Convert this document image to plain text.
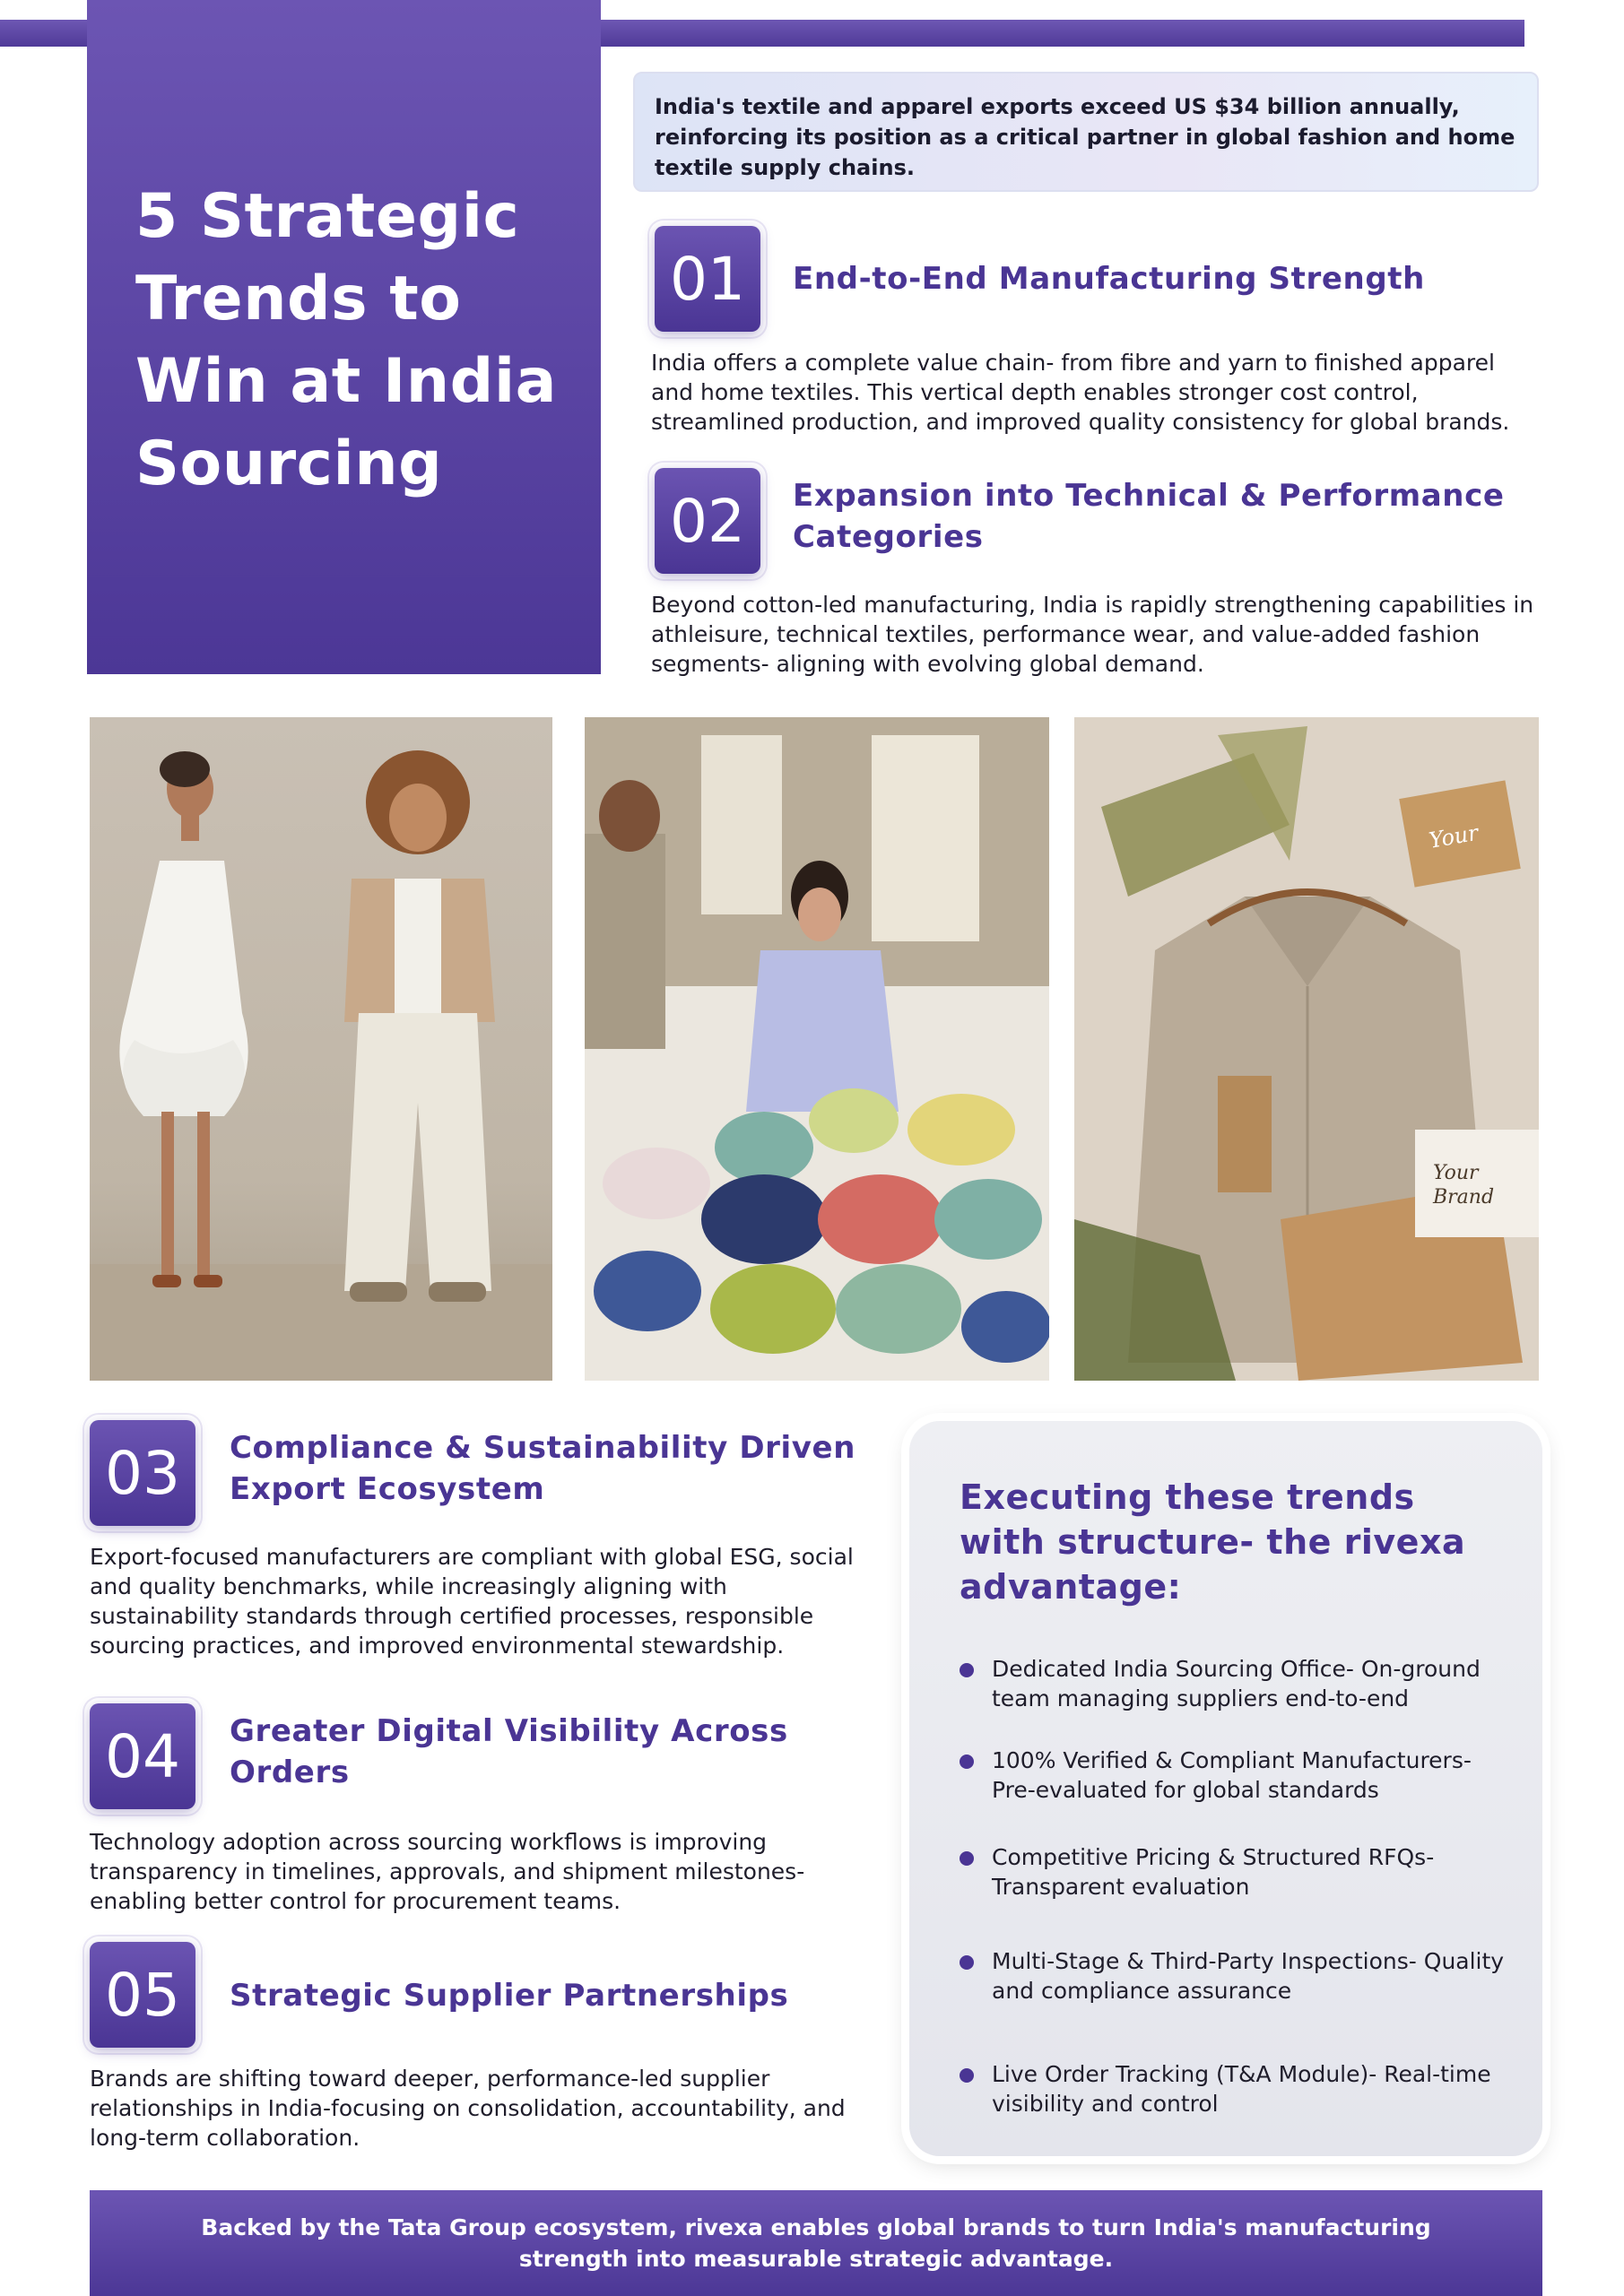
5 Strategic Trends to Win at India Sourcing
India's textile and apparel exports exceed US $34 billion annually, reinforcing its position as a critical partner in global fashion and home textile supply chains.
01	End-to-End Manufacturing Strength

India offers a complete value chain- from fibre and yarn to finished apparel and home textiles. This vertical depth enables stronger cost control, streamlined production, and improved quality consistency for global brands.

02	Expansion into Technical & Performance Categories

Beyond cotton-led manufacturing, India is rapidly strengthening capabilities in athleisure, technical textiles, performance wear, and value-added fashion segments- aligning with evolving global demand.

Your
Your
Brand
03	Compliance & Sustainability Driven Export Ecosystem

Export-focused manufacturers are compliant with global ESG, social and quality benchmarks, while increasingly aligning with sustainability standards through certified processes, responsible sourcing practices, and improved environmental stewardship.

04	Greater Digital Visibility Across Orders

Technology adoption across sourcing workflows is improving transparency in timelines, approvals, and shipment milestones- enabling better control for procurement teams.

05	Strategic Supplier Partnerships

Brands are shifting toward deeper, performance-led supplier relationships in India-focusing on consolidation, accountability, and long-term collaboration.

Executing these trends with structure- the rivexa advantage:
Dedicated India Sourcing Office- On-ground team managing suppliers end-to-end
100% Verified & Compliant Manufacturers- Pre-evaluated for global standards
Competitive Pricing & Structured RFQs- Transparent evaluation
Multi-Stage & Third-Party Inspections- Quality and compliance assurance
Live Order Tracking (T&A Module)- Real-time visibility and control
Backed by the Tata Group ecosystem, rivexa enables global brands to turn India's manufacturing strength into measurable strategic advantage.
